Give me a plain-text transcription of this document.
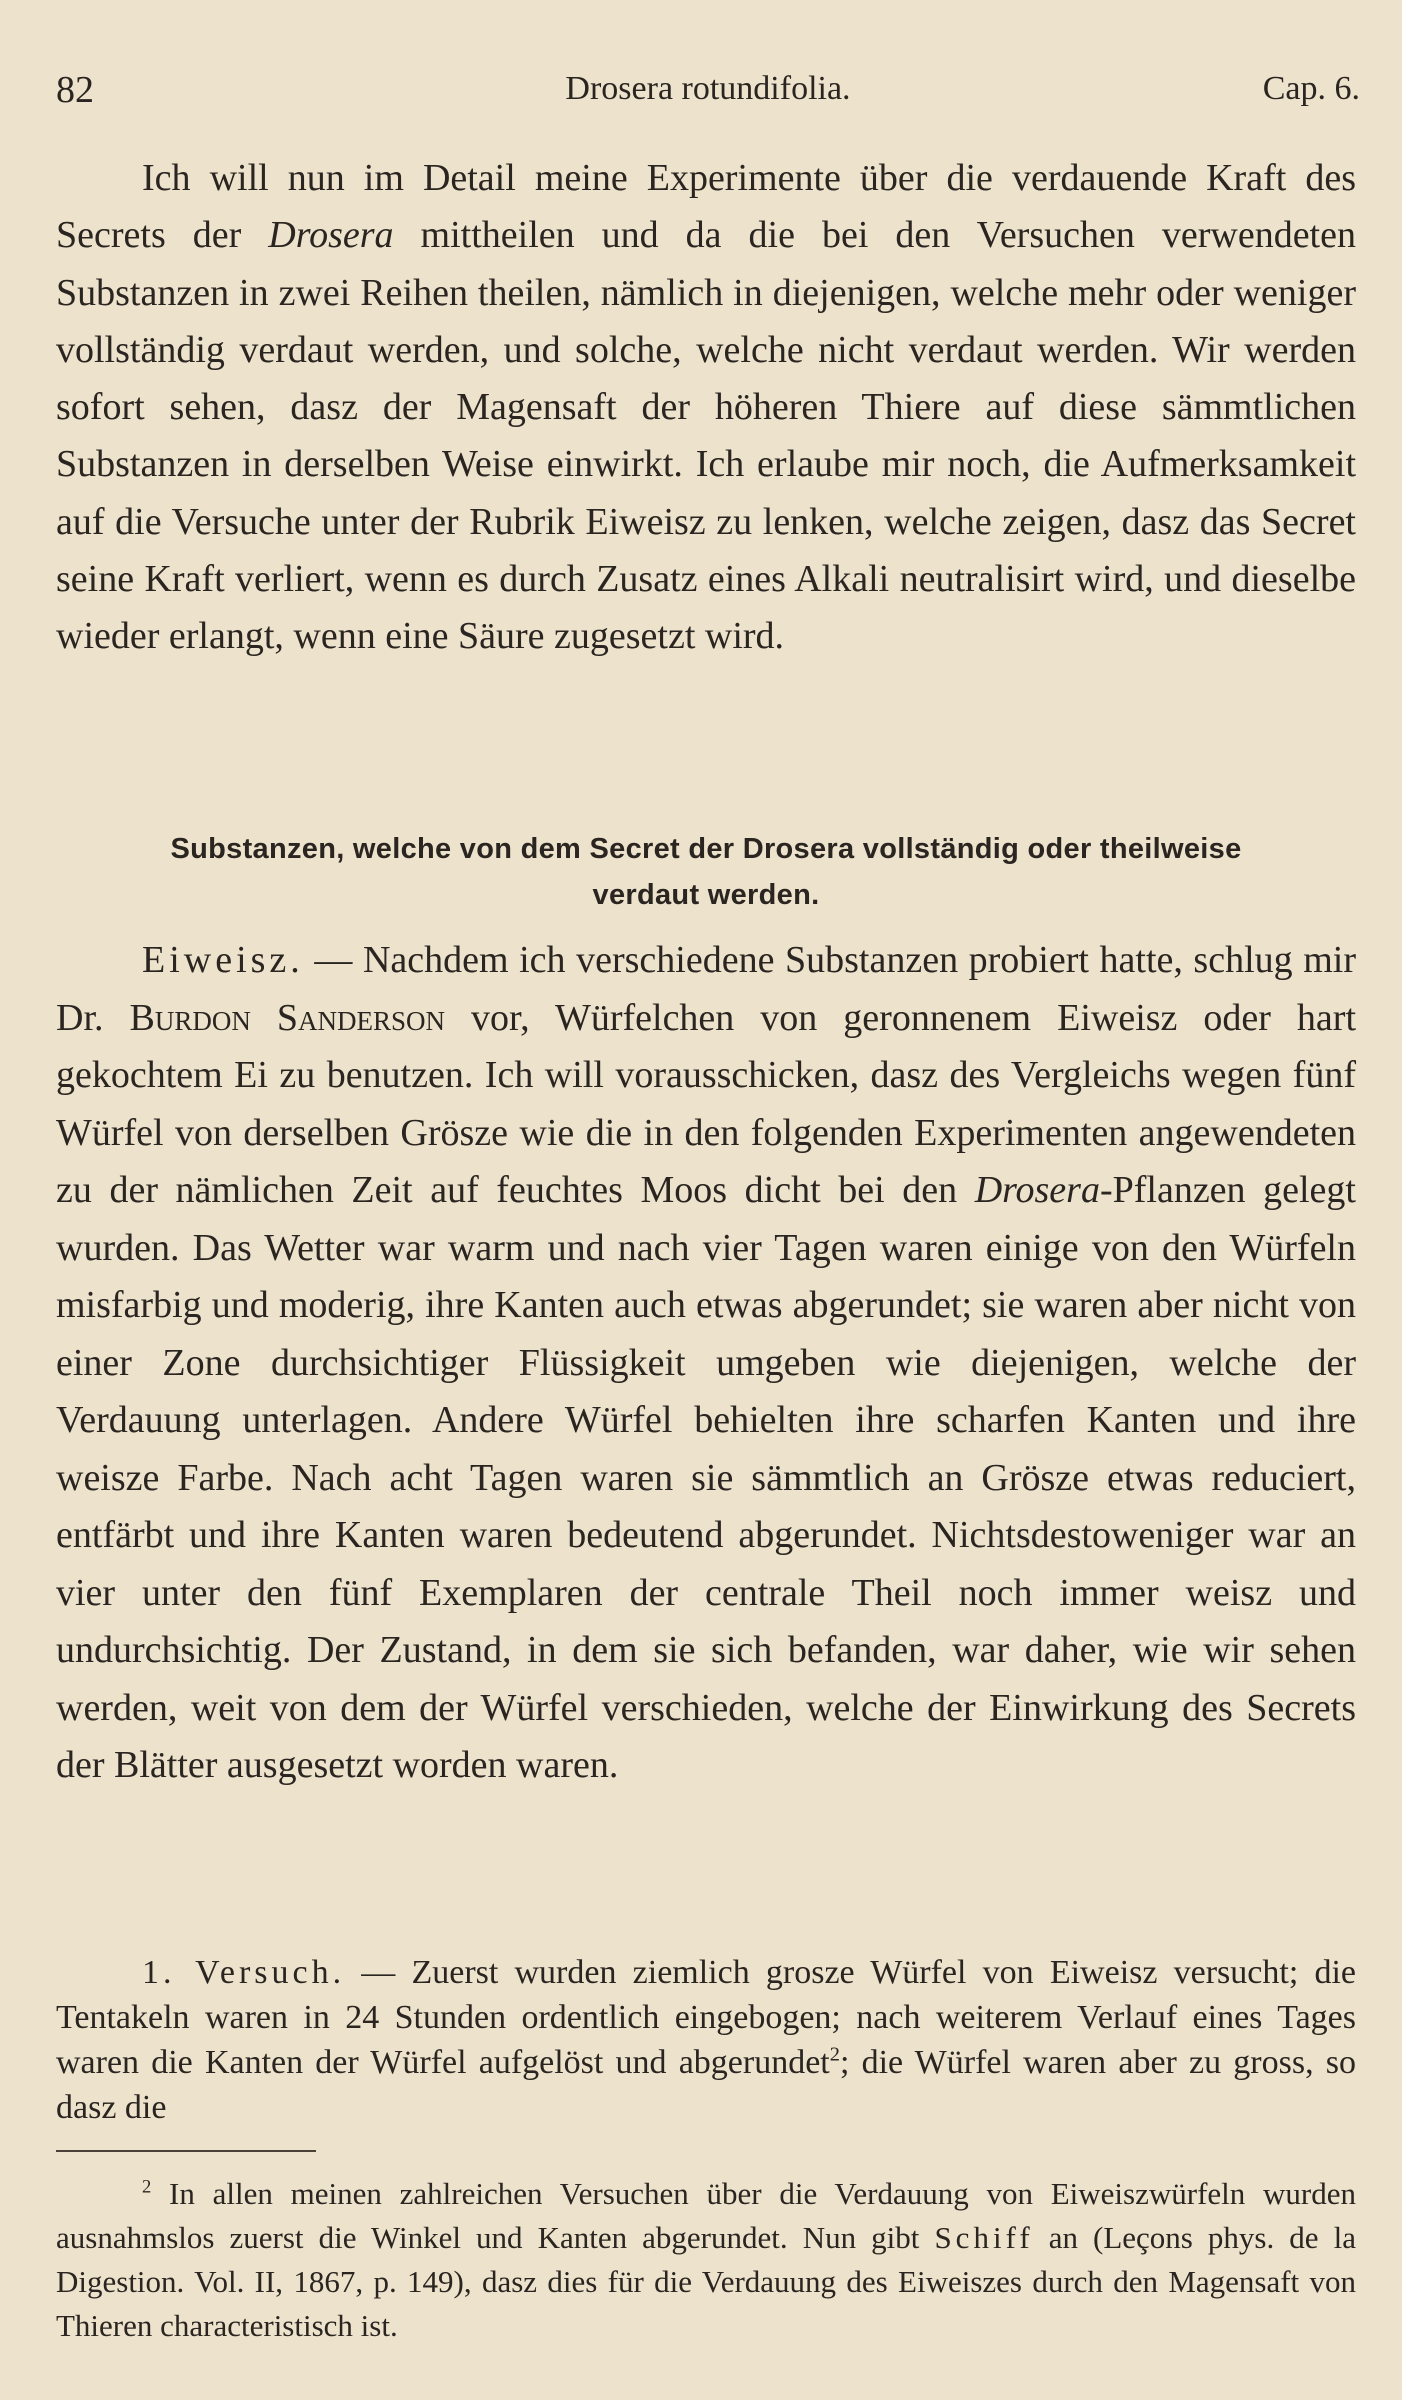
82	Drosera rotundifolia.	Cap. 6.

Ich will nun im Detail meine Experimente über die verdauende Kraft des Secrets der Drosera mittheilen und da die bei den Versuchen verwendeten Substanzen in zwei Reihen theilen, nämlich in diejenigen, welche mehr oder weniger vollständig verdaut werden, und solche, welche nicht verdaut werden. Wir werden sofort sehen, dasz der Magensaft der höheren Thiere auf diese sämmtlichen Substanzen in derselben Weise einwirkt. Ich erlaube mir noch, die Aufmerksamkeit auf die Versuche unter der Rubrik Eiweisz zu lenken, welche zeigen, dasz das Secret seine Kraft verliert, wenn es durch Zusatz eines Alkali neutralisirt wird, und dieselbe wieder erlangt, wenn eine Säure zugesetzt wird.

Substanzen, welche von dem Secret der Drosera vollständig oder theilweise
verdaut werden.

Eiweisz. — Nachdem ich verschiedene Substanzen probiert hatte, schlug mir Dr. Burdon Sanderson vor, Würfelchen von geronnenem Eiweisz oder hart gekochtem Ei zu benutzen. Ich will vorausschicken, dasz des Vergleichs wegen fünf Würfel von derselben Grösze wie die in den folgenden Experimenten angewendeten zu der nämlichen Zeit auf feuchtes Moos dicht bei den Drosera-Pflanzen gelegt wurden. Das Wetter war warm und nach vier Tagen waren einige von den Würfeln misfarbig und moderig, ihre Kanten auch etwas abgerundet; sie waren aber nicht von einer Zone durchsichtiger Flüssigkeit umgeben wie diejenigen, welche der Verdauung unterlagen. Andere Würfel behielten ihre scharfen Kanten und ihre weisze Farbe. Nach acht Tagen waren sie sämmtlich an Grösze etwas reduciert, entfärbt und ihre Kanten waren bedeutend abgerundet. Nichtsdestoweniger war an vier unter den fünf Exemplaren der centrale Theil noch immer weisz und undurchsichtig. Der Zustand, in dem sie sich befanden, war daher, wie wir sehen werden, weit von dem der Würfel verschieden, welche der Einwirkung des Secrets der Blätter ausgesetzt worden waren.

1. Versuch. — Zuerst wurden ziemlich grosze Würfel von Eiweisz versucht; die Tentakeln waren in 24 Stunden ordentlich eingebogen; nach weiterem Verlauf eines Tages waren die Kanten der Würfel aufgelöst und abgerundet$^2$; die Würfel waren aber zu gross, so dasz die

$^2$ In allen meinen zahlreichen Versuchen über die Verdauung von Eiweiszwürfeln wurden ausnahmslos zuerst die Winkel und Kanten abgerundet. Nun gibt Schiff an (Leçons phys. de la Digestion. Vol. II, 1867, p. 149), dasz dies für die Verdauung des Eiweiszes durch den Magensaft von Thieren characteristisch ist.
